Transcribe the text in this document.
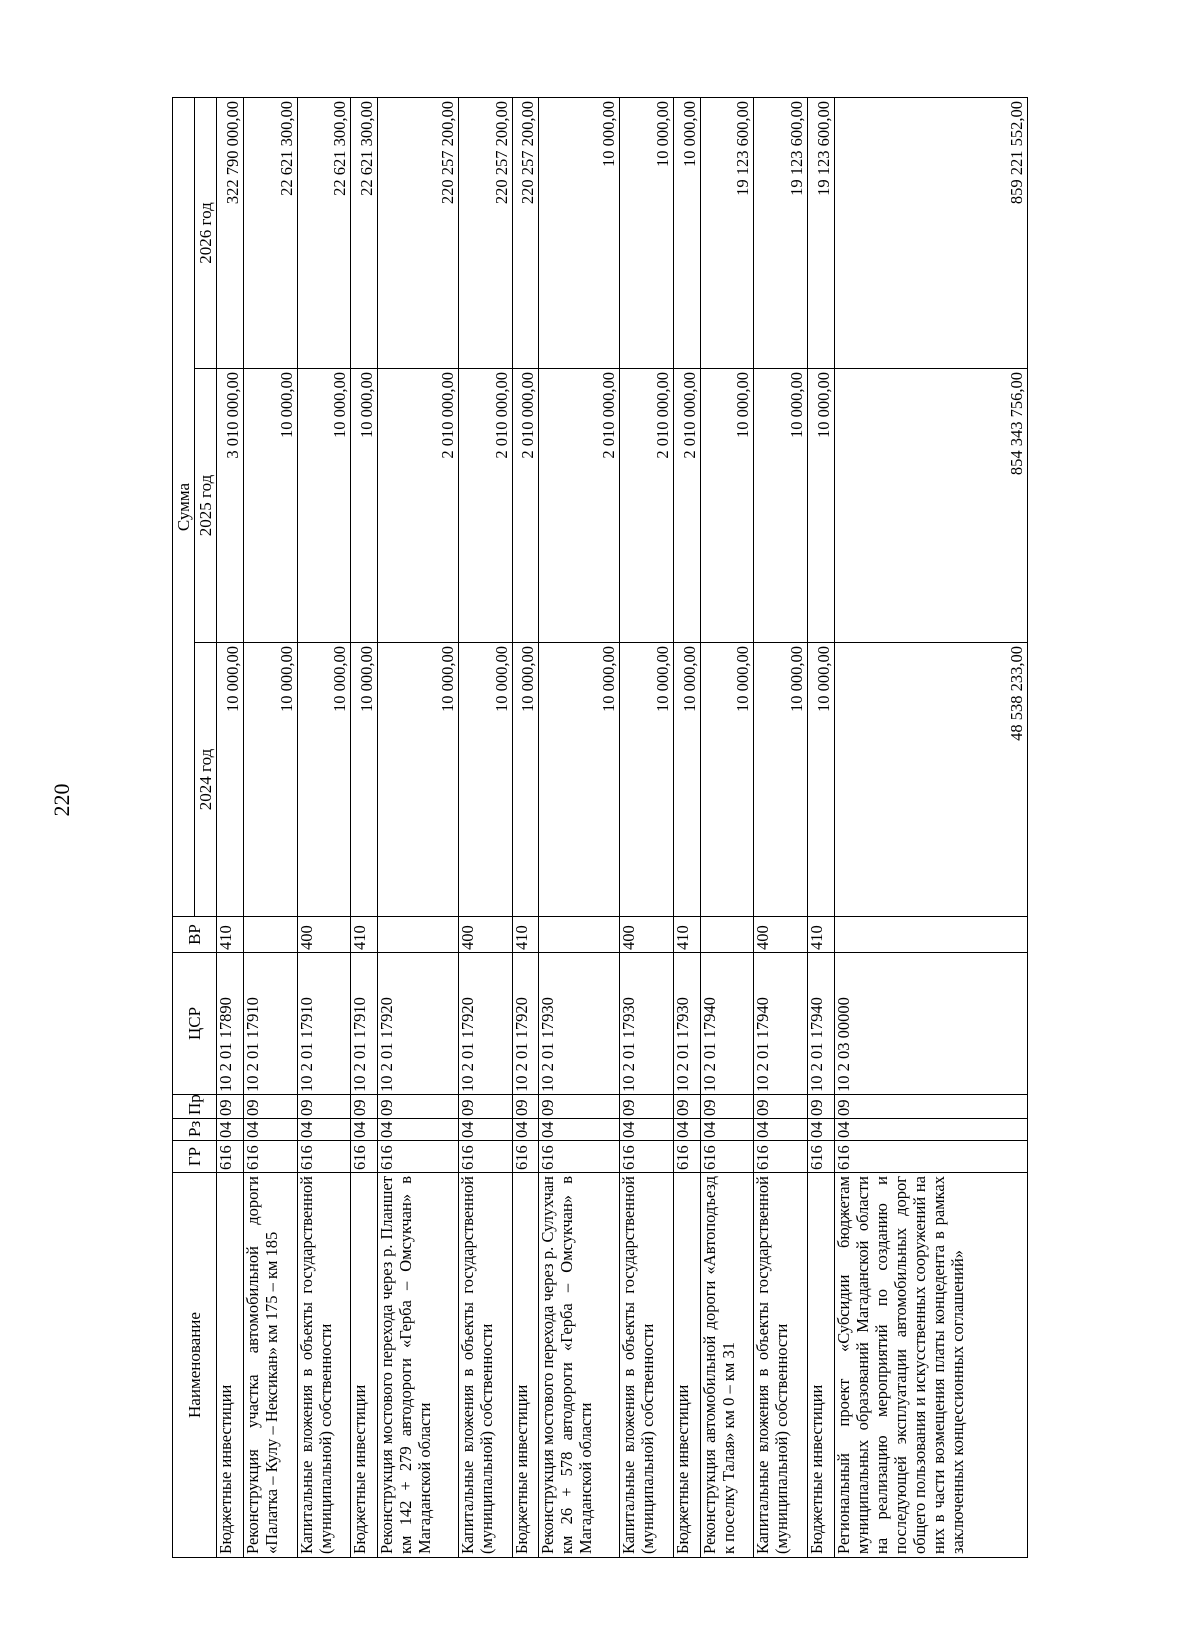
220
Наименование	ГР	Рз	Пр	ЦСР	ВР	Сумма		
						2024 год	2025 год	2026 год
Бюджетные инвестиции	616	04	09	10 2 01 17890	410	10 000,00	3 010 000,00	322 790 000,00
Реконструкция участка автомобильной дороги «Палатка – Кулу – Нексикан» км 175 – км 185	616	04	09	10 2 01 17910		10 000,00	10 000,00	22 621 300,00
Капитальные вложения в объекты государственной (муниципальной) собственности	616	04	09	10 2 01 17910	400	10 000,00	10 000,00	22 621 300,00
Бюджетные инвестиции	616	04	09	10 2 01 17910	410	10 000,00	10 000,00	22 621 300,00
Реконструкция мостового перехода через р. Планшет км 142 + 279 автодороги «Герба – Омсукчан» в Магаданской области	616	04	09	10 2 01 17920		10 000,00	2 010 000,00	220 257 200,00
Капитальные вложения в объекты государственной (муниципальной) собственности	616	04	09	10 2 01 17920	400	10 000,00	2 010 000,00	220 257 200,00
Бюджетные инвестиции	616	04	09	10 2 01 17920	410	10 000,00	2 010 000,00	220 257 200,00
Реконструкция мостового перехода через р. Сулухчан км 26 + 578 автодороги «Герба – Омсукчан» в Магаданской области	616	04	09	10 2 01 17930		10 000,00	2 010 000,00	10 000,00
Капитальные вложения в объекты государственной (муниципальной) собственности	616	04	09	10 2 01 17930	400	10 000,00	2 010 000,00	10 000,00
Бюджетные инвестиции	616	04	09	10 2 01 17930	410	10 000,00	2 010 000,00	10 000,00
Реконструкция автомобильной дороги «Автоподъезд к поселку Талая» км 0 – км 31	616	04	09	10 2 01 17940		10 000,00	10 000,00	19 123 600,00
Капитальные вложения в объекты государственной (муниципальной) собственности	616	04	09	10 2 01 17940	400	10 000,00	10 000,00	19 123 600,00
Бюджетные инвестиции	616	04	09	10 2 01 17940	410	10 000,00	10 000,00	19 123 600,00
Региональный проект «Субсидии бюджетам муниципальных образований Магаданской области на реализацию мероприятий по созданию и последующей эксплуатации автомобильных дорог общего пользования и искусственных сооружений на них в части возмещения платы концедента в рамках заключенных концессионных соглашений»	616	04	09	10 2 03 00000		48 538 233,00	854 343 756,00	859 221 552,00
